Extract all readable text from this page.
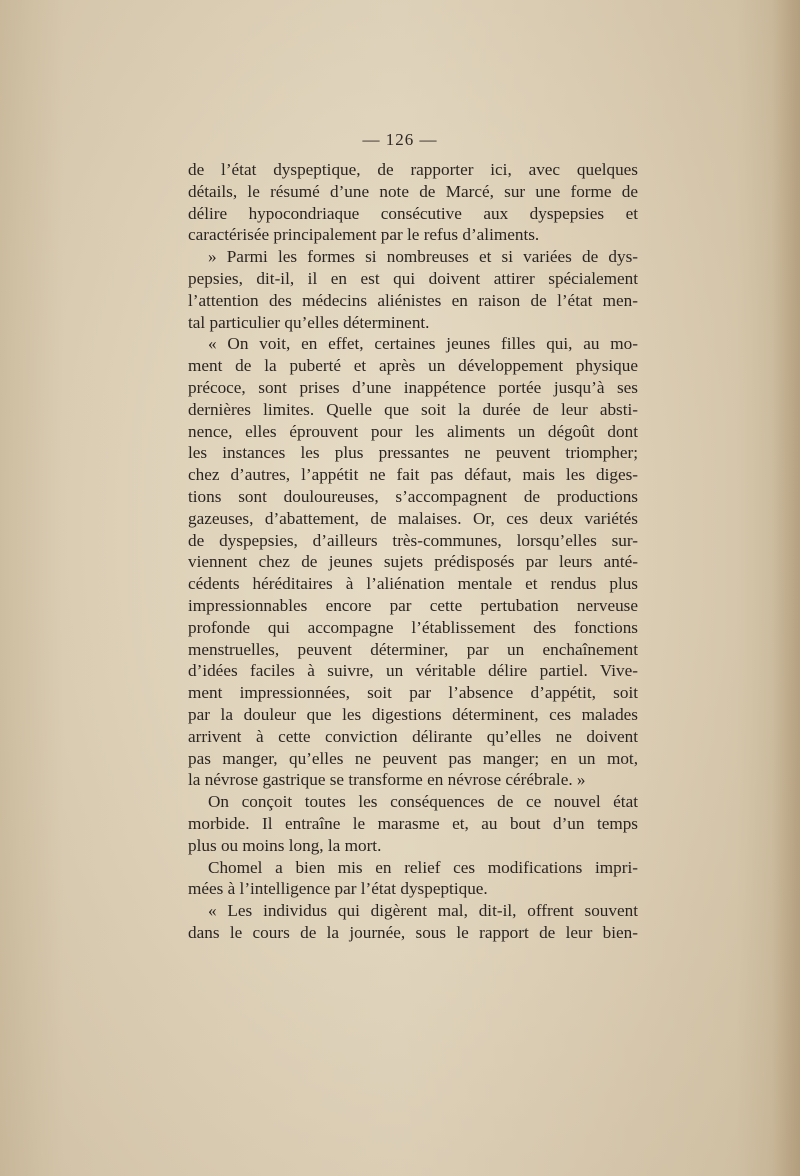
— 126 —
de l’état dyspeptique, de rapporter ici, avec quelques
détails, le résumé d’une note de Marcé, sur une forme de
délire hypocondriaque consécutive aux dyspepsies et
caractérisée principalement par le refus d’aliments.
» Parmi les formes si nombreuses et si variées de dys-
pepsies, dit-il, il en est qui doivent attirer spécialement
l’attention des médecins aliénistes en raison de l’état men-
tal particulier qu’elles déterminent.
« On voit, en effet, certaines jeunes filles qui, au mo-
ment de la puberté et après un développement physique
précoce, sont prises d’une inappétence portée jusqu’à ses
dernières limites. Quelle que soit la durée de leur absti-
nence, elles éprouvent pour les aliments un dégoût dont
les instances les plus pressantes ne peuvent triompher;
chez d’autres, l’appétit ne fait pas défaut, mais les diges-
tions sont douloureuses, s’accompagnent de productions
gazeuses, d’abattement, de malaises. Or, ces deux variétés
de dyspepsies, d’ailleurs très-communes, lorsqu’elles sur-
viennent chez de jeunes sujets prédisposés par leurs anté-
cédents héréditaires à l’aliénation mentale et rendus plus
impressionnables encore par cette pertubation nerveuse
profonde qui accompagne l’établissement des fonctions
menstruelles, peuvent déterminer, par un enchaînement
d’idées faciles à suivre, un véritable délire partiel. Vive-
ment impressionnées, soit par l’absence d’appétit, soit
par la douleur que les digestions déterminent, ces malades
arrivent à cette conviction délirante qu’elles ne doivent
pas manger, qu’elles ne peuvent pas manger; en un mot,
la névrose gastrique se transforme en névrose cérébrale. »
On conçoit toutes les conséquences de ce nouvel état
morbide. Il entraîne le marasme et, au bout d’un temps
plus ou moins long, la mort.
Chomel a bien mis en relief ces modifications impri-
mées à l’intelligence par l’état dyspeptique.
« Les individus qui digèrent mal, dit-il, offrent souvent
dans le cours de la journée, sous le rapport de leur bien-
